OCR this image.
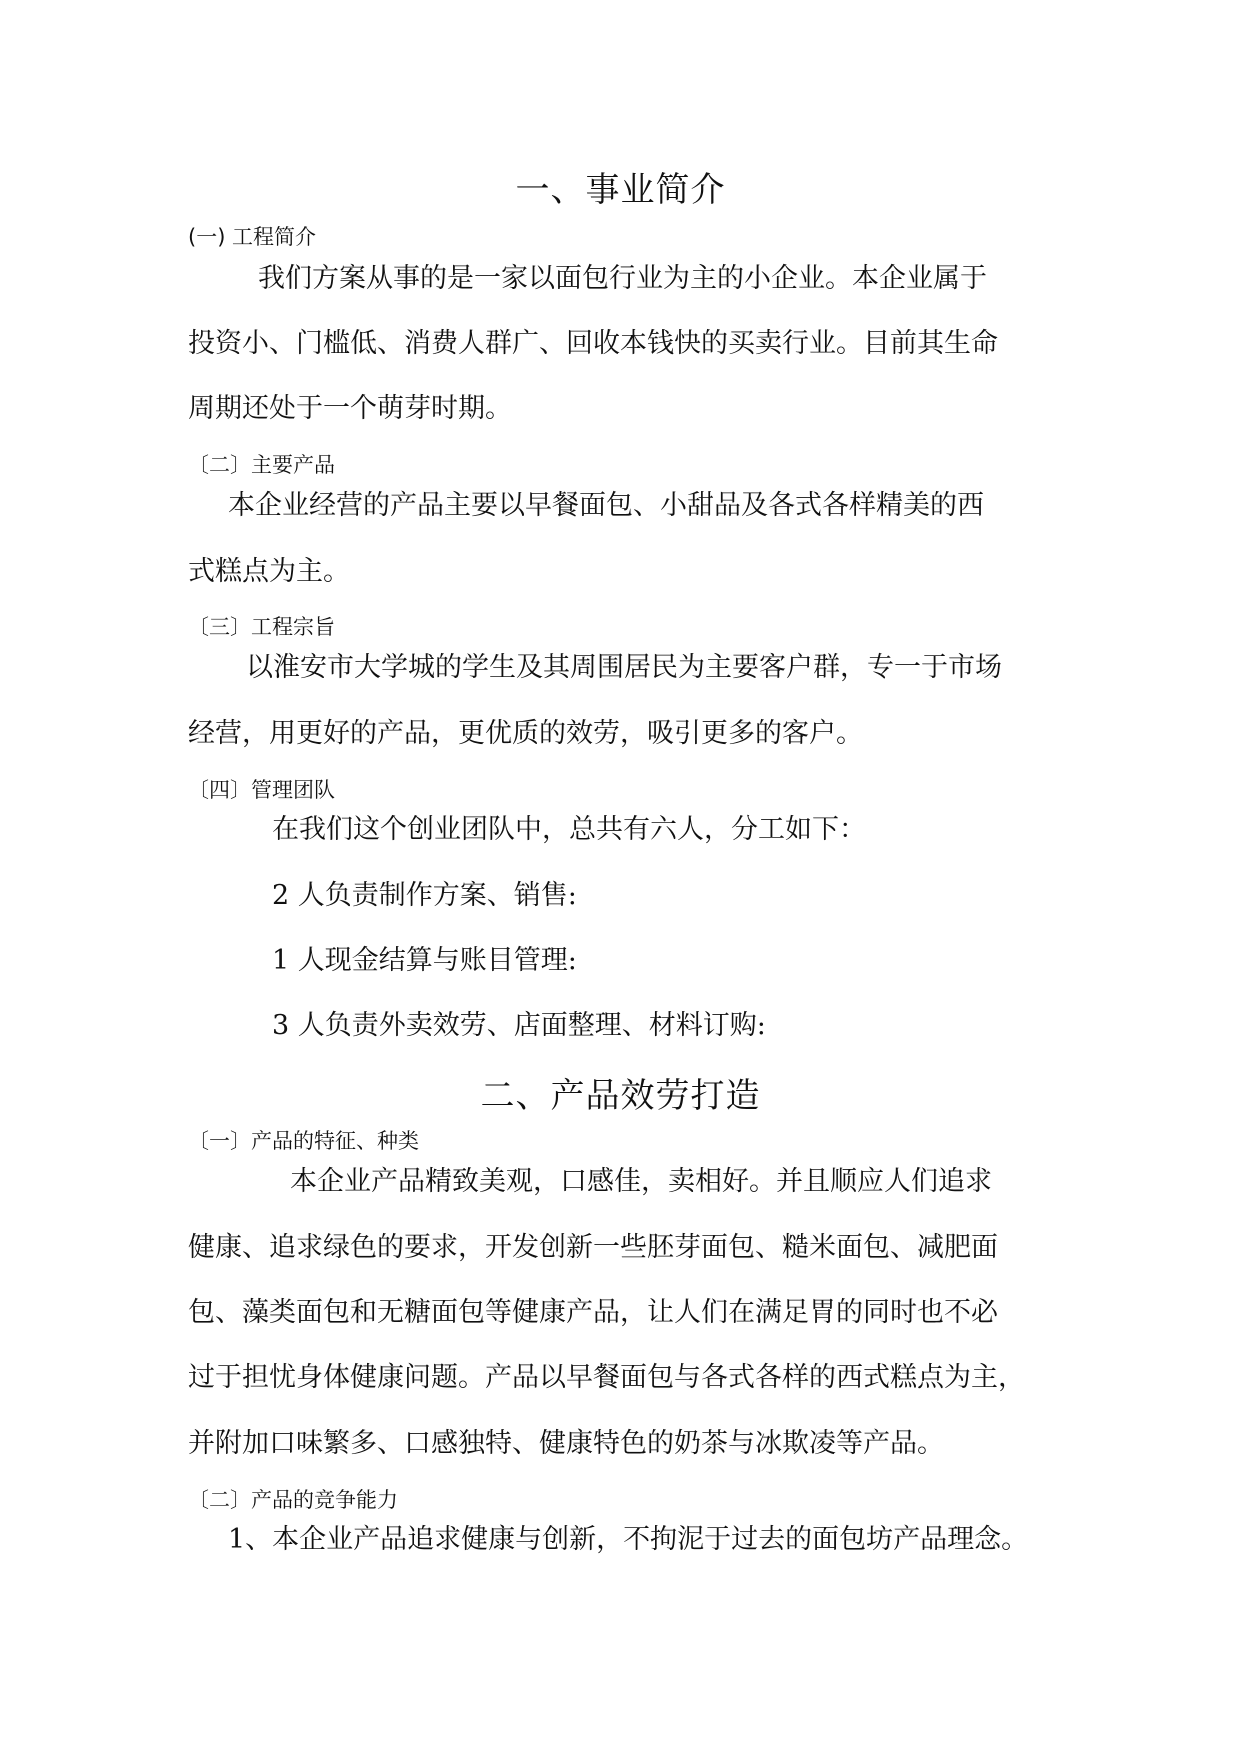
一、事业简介
(一) 工程简介
我们方案从事的是一家以面包行业为主的小企业。本企业属于
投资小、门槛低、消费人群广、回收本钱快的买卖行业。目前其生命
周期还处于一个萌芽时期。
〔二〕主要产品
本企业经营的产品主要以早餐面包、小甜品及各式各样精美的西
式糕点为主。
〔三〕工程宗旨
以淮安市大学城的学生及其周围居民为主要客户群，专一于市场
经营，用更好的产品，更优质的效劳，吸引更多的客户。
〔四〕管理团队
在我们这个创业团队中，总共有六人，分工如下：
2 人负责制作方案、销售:
1 人现金结算与账目管理:
3 人负责外卖效劳、店面整理、材料订购:
二、产品效劳打造
〔一〕产品的特征、种类
本企业产品精致美观，口感佳，卖相好。并且顺应人们追求
健康、追求绿色的要求，开发创新一些胚芽面包、糙米面包、减肥面
包、藻类面包和无糖面包等健康产品，让人们在满足胃的同时也不必
过于担忧身体健康问题。产品以早餐面包与各式各样的西式糕点为主，
并附加口味繁多、口感独特、健康特色的奶茶与冰欺凌等产品。
〔二〕产品的竞争能力
1、本企业产品追求健康与创新，不拘泥于过去的面包坊产品理念。
